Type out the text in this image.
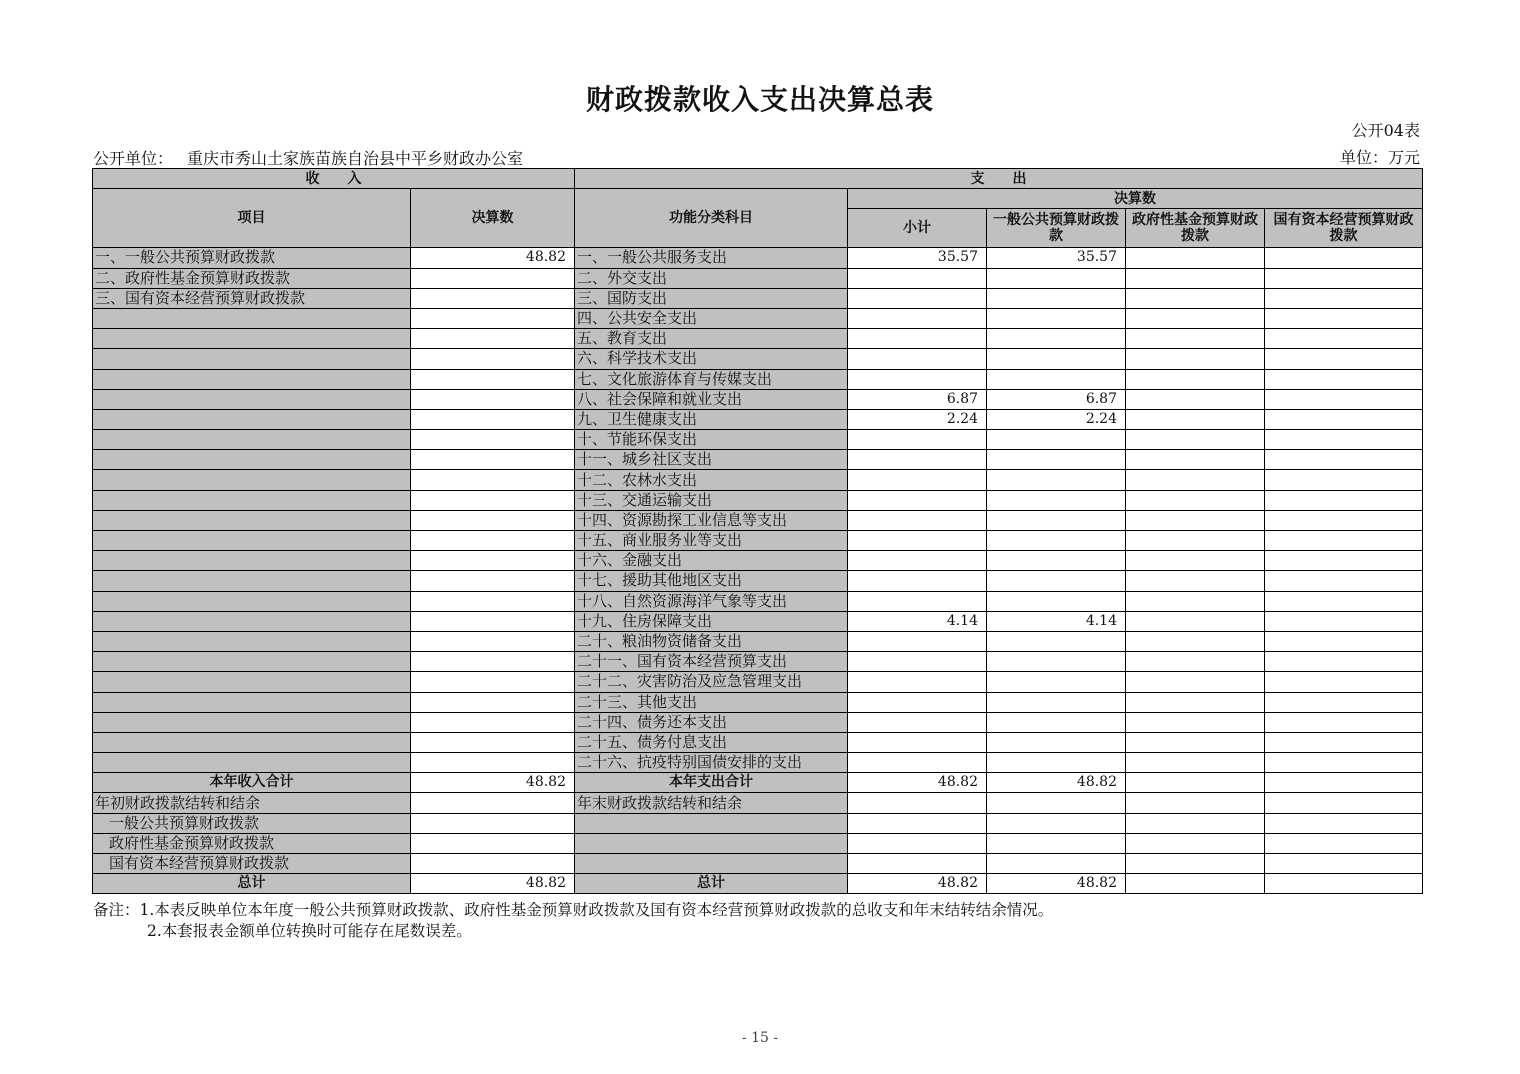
财政拨款收入支出决算总表
公开04表
公开单位： 重庆市秀山土家族苗族自治县中平乡财政办公室	单位：万元
收　　入		支　　出				
项目	决算数	功能分类科目	决算数			
			小计	一般公共预算财政拨款	政府性基金预算财政拨款	国有资本经营预算财政拨款
一、一般公共预算财政拨款	48.82	一、一般公共服务支出	35.57	35.57		
二、政府性基金预算财政拨款		二、外交支出				
三、国有资本经营预算财政拨款		三、国防支出				
		四、公共安全支出				
		五、教育支出				
		六、科学技术支出				
		七、文化旅游体育与传媒支出				
		八、社会保障和就业支出	6.87	6.87		
		九、卫生健康支出	2.24	2.24		
		十、节能环保支出				
		十一、城乡社区支出				
		十二、农林水支出				
		十三、交通运输支出				
		十四、资源勘探工业信息等支出				
		十五、商业服务业等支出				
		十六、金融支出				
		十七、援助其他地区支出				
		十八、自然资源海洋气象等支出				
		十九、住房保障支出	4.14	4.14		
		二十、粮油物资储备支出				
		二十一、国有资本经营预算支出				
		二十二、灾害防治及应急管理支出				
		二十三、其他支出				
		二十四、债务还本支出				
		二十五、债务付息支出				
		二十六、抗疫特别国债安排的支出				
本年收入合计	48.82	本年支出合计	48.82	48.82		
年初财政拨款结转和结余		年末财政拨款结转和结余				
一般公共预算财政拨款						
政府性基金预算财政拨款						
国有资本经营预算财政拨款						
总计	48.82	总计	48.82	48.82		
备注：1.本表反映单位本年度一般公共预算财政拨款、政府性基金预算财政拨款及国有资本经营预算财政拨款的总收支和年末结转结余情况。
2.本套报表金额单位转换时可能存在尾数误差。
- 15 -
